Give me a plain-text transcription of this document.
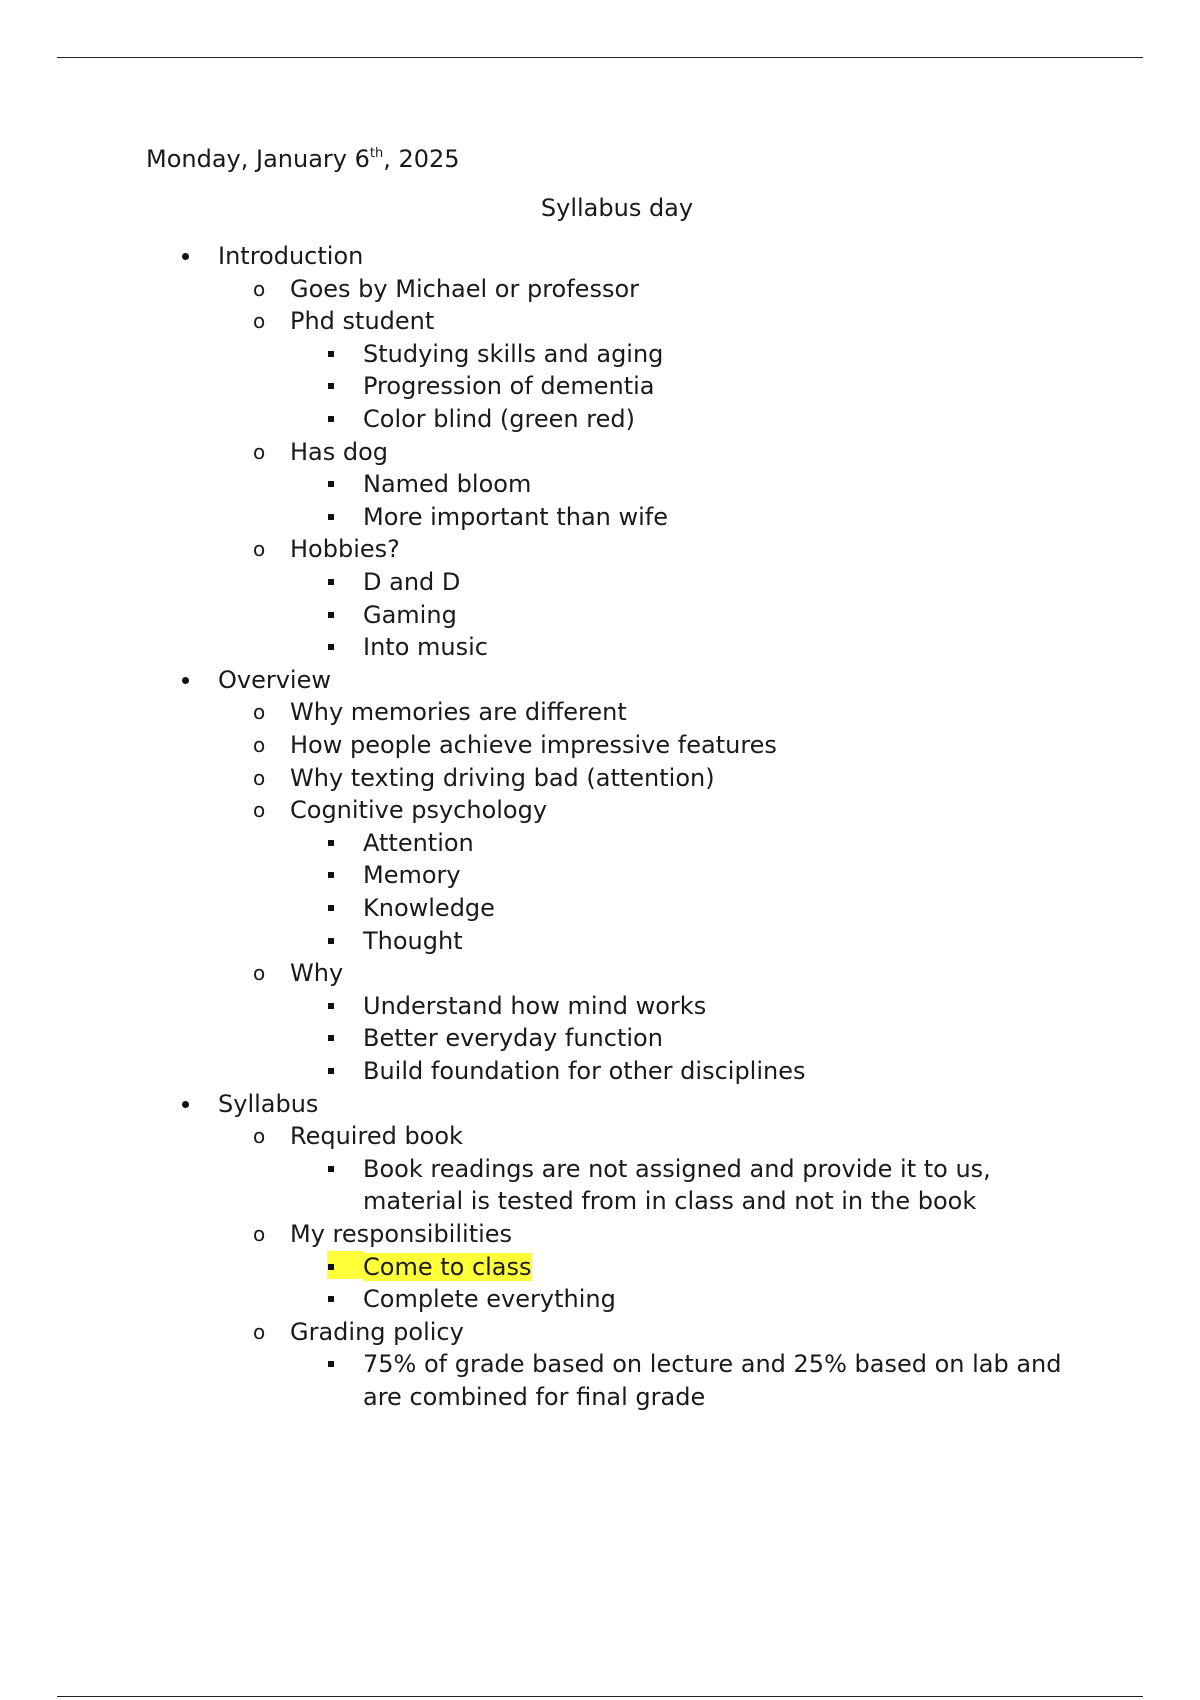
Monday, January 6th, 2025
Syllabus day
Introduction
o Goes by Michael or professor
o Phd student
Studying skills and aging
Progression of dementia
Color blind (green red)
o Has dog
Named bloom
More important than wife
o Hobbies?
D and D
Gaming
Into music
Overview
o Why memories are different
o How people achieve impressive features
o Why texting driving bad (attention)
o Cognitive psychology
Attention
Memory
Knowledge
Thought
o Why
Understand how mind works
Better everyday function
Build foundation for other disciplines
Syllabus
o Required book
Book readings are not assigned and provide it to us,
material is tested from in class and not in the book
o My responsibilities
Come to class
Complete everything
o Grading policy
75% of grade based on lecture and 25% based on lab and
are combined for final grade
